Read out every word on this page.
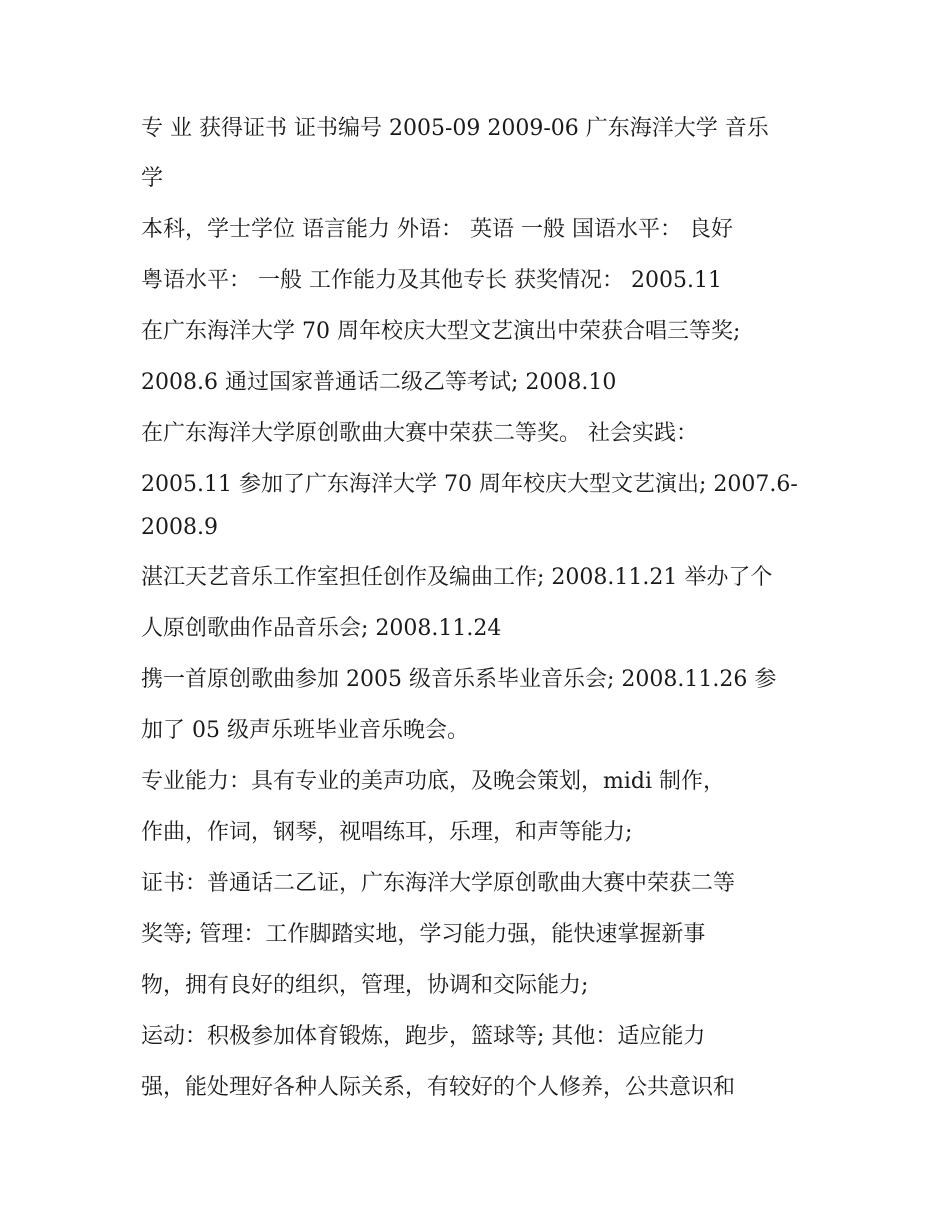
专 业 获得证书 证书编号 2005-09 2009-06 广东海洋大学 音乐

学

本科，学士学位 语言能力 外语： 英语 一般 国语水平： 良好

粤语水平： 一般 工作能力及其他专长 获奖情况： 2005.11

在广东海洋大学 70 周年校庆大型文艺演出中荣获合唱三等奖;

2008.6 通过国家普通话二级乙等考试; 2008.10

在广东海洋大学原创歌曲大赛中荣获二等奖。 社会实践：

2005.11 参加了广东海洋大学 70 周年校庆大型文艺演出; 2007.6-

2008.9

湛江天艺音乐工作室担任创作及编曲工作; 2008.11.21 举办了个

人原创歌曲作品音乐会; 2008.11.24

携一首原创歌曲参加 2005 级音乐系毕业音乐会; 2008.11.26 参

加了 05 级声乐班毕业音乐晚会。

专业能力：具有专业的美声功底，及晚会策划，midi 制作，

作曲，作词，钢琴，视唱练耳，乐理，和声等能力;

证书：普通话二乙证，广东海洋大学原创歌曲大赛中荣获二等

奖等; 管理：工作脚踏实地，学习能力强，能快速掌握新事

物，拥有良好的组织，管理，协调和交际能力;

运动：积极参加体育锻炼，跑步，篮球等; 其他：适应能力

强，能处理好各种人际关系，有较好的个人修养，公共意识和
